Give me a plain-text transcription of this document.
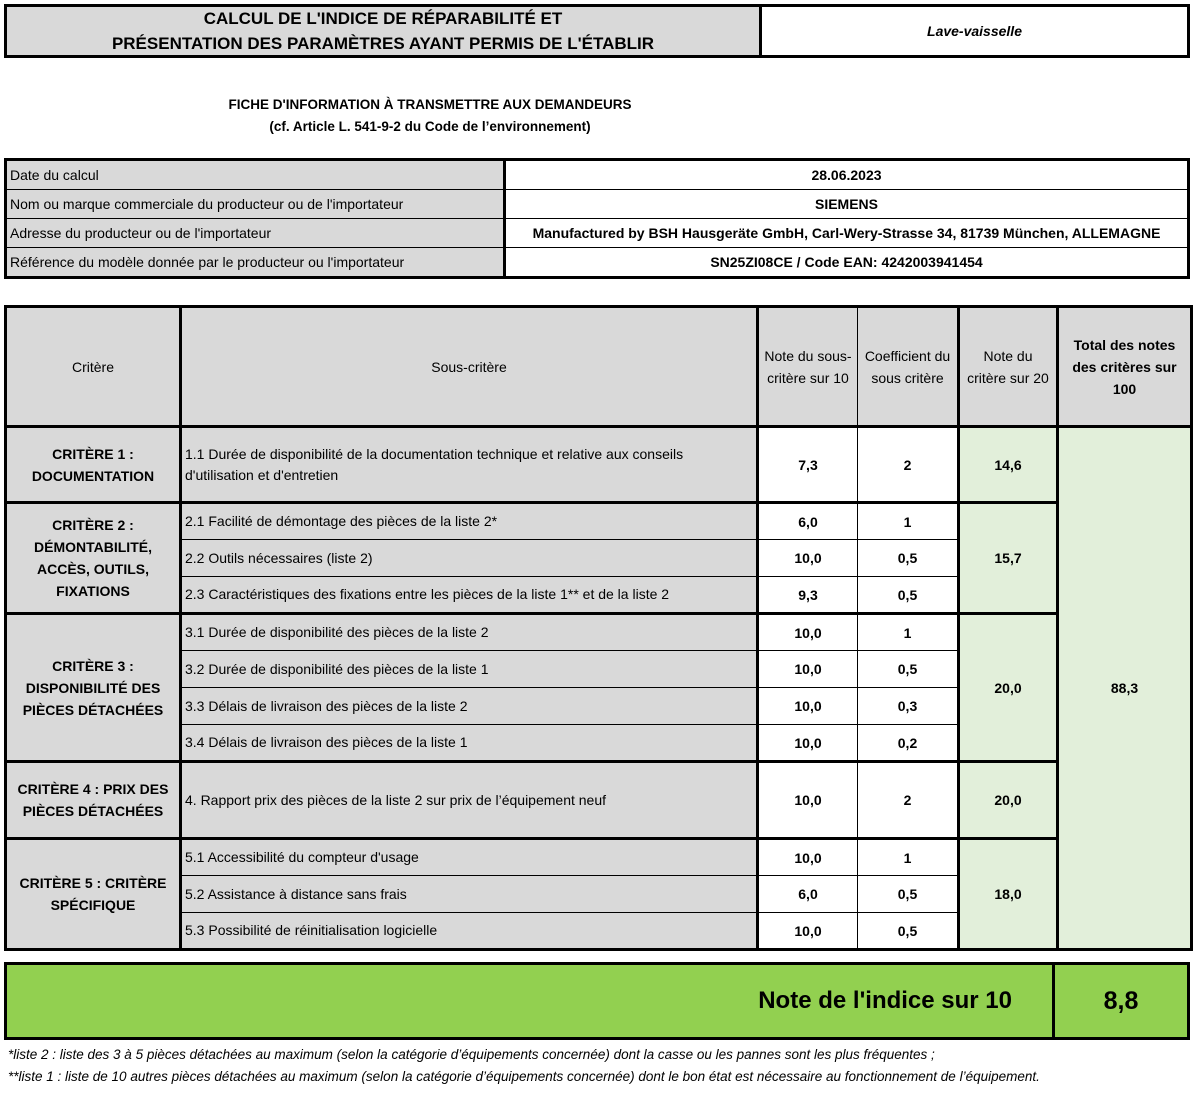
CALCUL DE L'INDICE DE RÉPARABILITÉ ET
PRÉSENTATION DES PARAMÈTRES AYANT PERMIS DE L'ÉTABLIR
Lave-vaisselle
FICHE D'INFORMATION À TRANSMETTRE AUX DEMANDEURS
(cf. Article L. 541-9-2 du Code de l’environnement)
Date du calcul	28.06.2023
Nom ou marque commerciale du producteur ou de l'importateur	SIEMENS
Adresse du producteur ou de l'importateur	Manufactured by BSH Hausgeräte GmbH, Carl-Wery-Strasse 34, 81739 München, ALLEMAGNE
Référence du modèle donnée par le producteur ou l'importateur	SN25ZI08CE / Code EAN: 4242003941454
Critère	Sous-critère	Note du sous-critère sur 10	Coefficient du sous critère	Note du critère sur 20	Total des notes des critères sur 100
CRITÈRE 1 : DOCUMENTATION	1.1 Durée de disponibilité de la documentation technique et relative aux conseils d'utilisation et d'entretien	7,3	2	14,6	88,3
CRITÈRE 2 : DÉMONTABILITÉ, ACCÈS, OUTILS, FIXATIONS	2.1 Facilité de démontage des pièces de la liste 2*	6,0	1	15,7	
	2.2 Outils nécessaires (liste 2)	10,0	0,5		
	2.3 Caractéristiques des fixations entre les pièces de la liste 1** et de la liste 2	9,3	0,5		
CRITÈRE 3 : DISPONIBILITÉ DES PIÈCES DÉTACHÉES	3.1 Durée de disponibilité des pièces de la liste 2	10,0	1	20,0	
	3.2 Durée de disponibilité des pièces de la liste 1	10,0	0,5		
	3.3 Délais de livraison des pièces de la liste 2	10,0	0,3		
	3.4 Délais de livraison des pièces de la liste 1	10,0	0,2		
CRITÈRE 4 : PRIX DES PIÈCES DÉTACHÉES	4. Rapport prix des pièces de la liste 2 sur prix de l’équipement neuf	10,0	2	20,0	
CRITÈRE 5 : CRITÈRE SPÉCIFIQUE	5.1 Accessibilité du compteur d'usage	10,0	1	18,0	
	5.2 Assistance à distance sans frais	6,0	0,5		
	5.3 Possibilité de réinitialisation logicielle	10,0	0,5		
Note de l'indice sur 10	8,8
*liste 2 : liste des 3 à 5 pièces détachées au maximum (selon la catégorie d’équipements concernée) dont la casse ou les pannes sont les plus fréquentes ;
**liste 1 : liste de 10 autres pièces détachées au maximum (selon la catégorie d’équipements concernée) dont le bon état est nécessaire au fonctionnement de l’équipement.
